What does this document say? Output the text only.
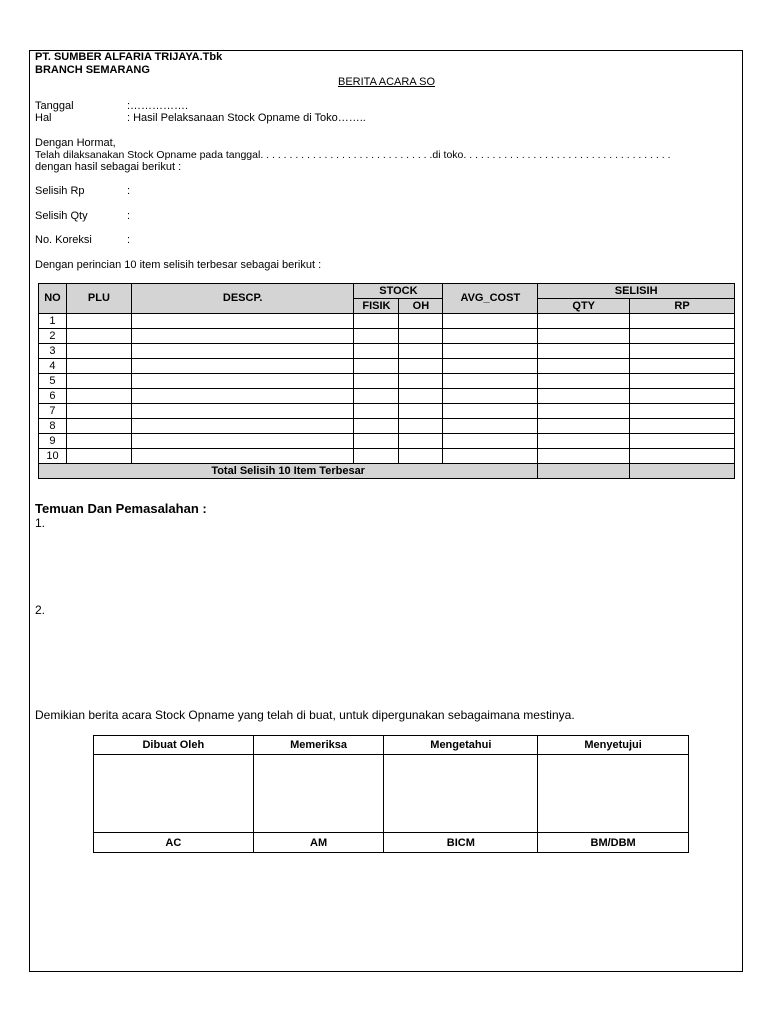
PT. SUMBER ALFARIA TRIJAYA.Tbk
BRANCH SEMARANG
BERITA ACARA SO
Tanggal	:…………….
Hal	: Hasil Pelaksanaan Stock Opname di Toko……..
Dengan Hormat,
Telah dilaksanakan Stock Opname pada tanggal. . . . . . . . . . . . . . . . . . . . . . . . . . . . . .di toko. . . . . . . . . . . . . . . . . . . . . . . . . . . . . . . . . . . .
dengan hasil sebagai berikut :
Selisih Rp	:
Selisih Qty	:
No. Koreksi	:
Dengan perincian 10 item selisih terbesar sebagai berikut :
NO	PLU	DESCP.	STOCK		AVG_COST	SELISIH	
			FISIK	OH		QTY	RP
1							
2							
3							
4							
5							
6							
7							
8							
9							
10							
Total Selisih 10 Item Terbesar							
Temuan Dan Pemasalahan :
1.
2.
Demikian berita acara Stock Opname yang telah di buat, untuk dipergunakan sebagaimana mestinya.
Dibuat Oleh	Memeriksa	Mengetahui	Menyetujui

AC	AM	BICM	BM/DBM
